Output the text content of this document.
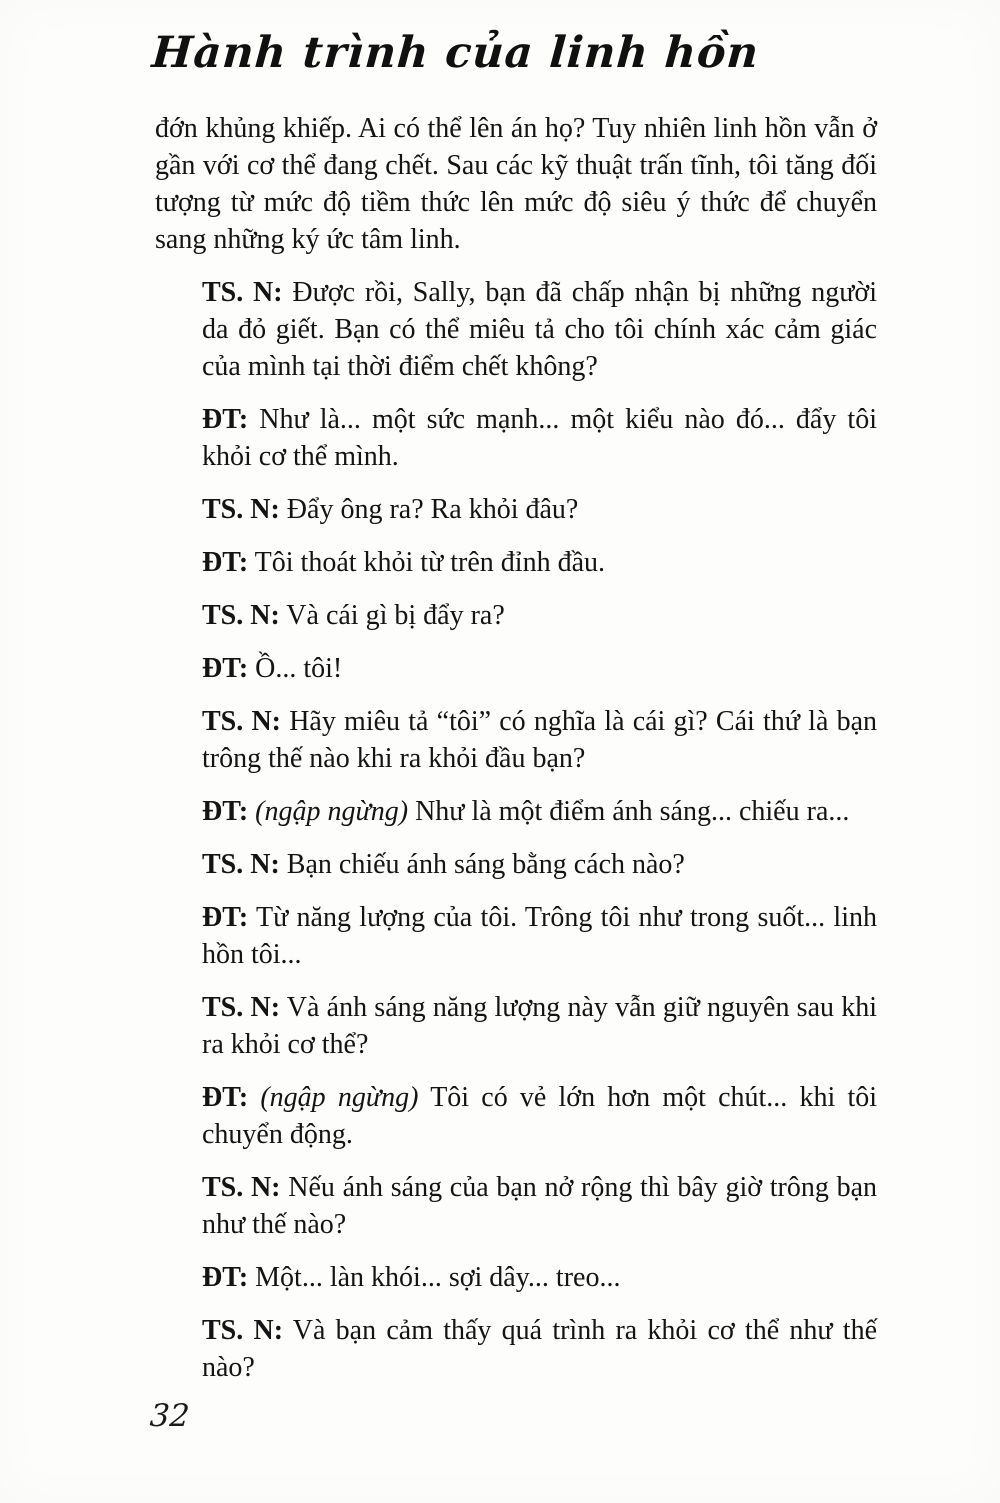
Hành trình của linh hồn

đớn khủng khiếp. Ai có thể lên án họ? Tuy nhiên linh hồn vẫn ở gần với cơ thể đang chết. Sau các kỹ thuật trấn tĩnh, tôi tăng đối tượng từ mức độ tiềm thức lên mức độ siêu ý thức để chuyển sang những ký ức tâm linh.

TS. N: Được rồi, Sally, bạn đã chấp nhận bị những người da đỏ giết. Bạn có thể miêu tả cho tôi chính xác cảm giác của mình tại thời điểm chết không?

ĐT: Như là... một sức mạnh... một kiểu nào đó... đẩy tôi khỏi cơ thể mình.

TS. N: Đẩy ông ra? Ra khỏi đâu?

ĐT: Tôi thoát khỏi từ trên đỉnh đầu.

TS. N: Và cái gì bị đẩy ra?

ĐT: Ồ... tôi!

TS. N: Hãy miêu tả “tôi” có nghĩa là cái gì? Cái thứ là bạn trông thế nào khi ra khỏi đầu bạn?

ĐT: (ngập ngừng) Như là một điểm ánh sáng... chiếu ra...

TS. N: Bạn chiếu ánh sáng bằng cách nào?

ĐT: Từ năng lượng của tôi. Trông tôi như trong suốt... linh hồn tôi...

TS. N: Và ánh sáng năng lượng này vẫn giữ nguyên sau khi ra khỏi cơ thể?

ĐT: (ngập ngừng) Tôi có vẻ lớn hơn một chút... khi tôi chuyển động.

TS. N: Nếu ánh sáng của bạn nở rộng thì bây giờ trông bạn như thế nào?

ĐT: Một... làn khói... sợi dây... treo...

TS. N: Và bạn cảm thấy quá trình ra khỏi cơ thể như thế nào?

32
